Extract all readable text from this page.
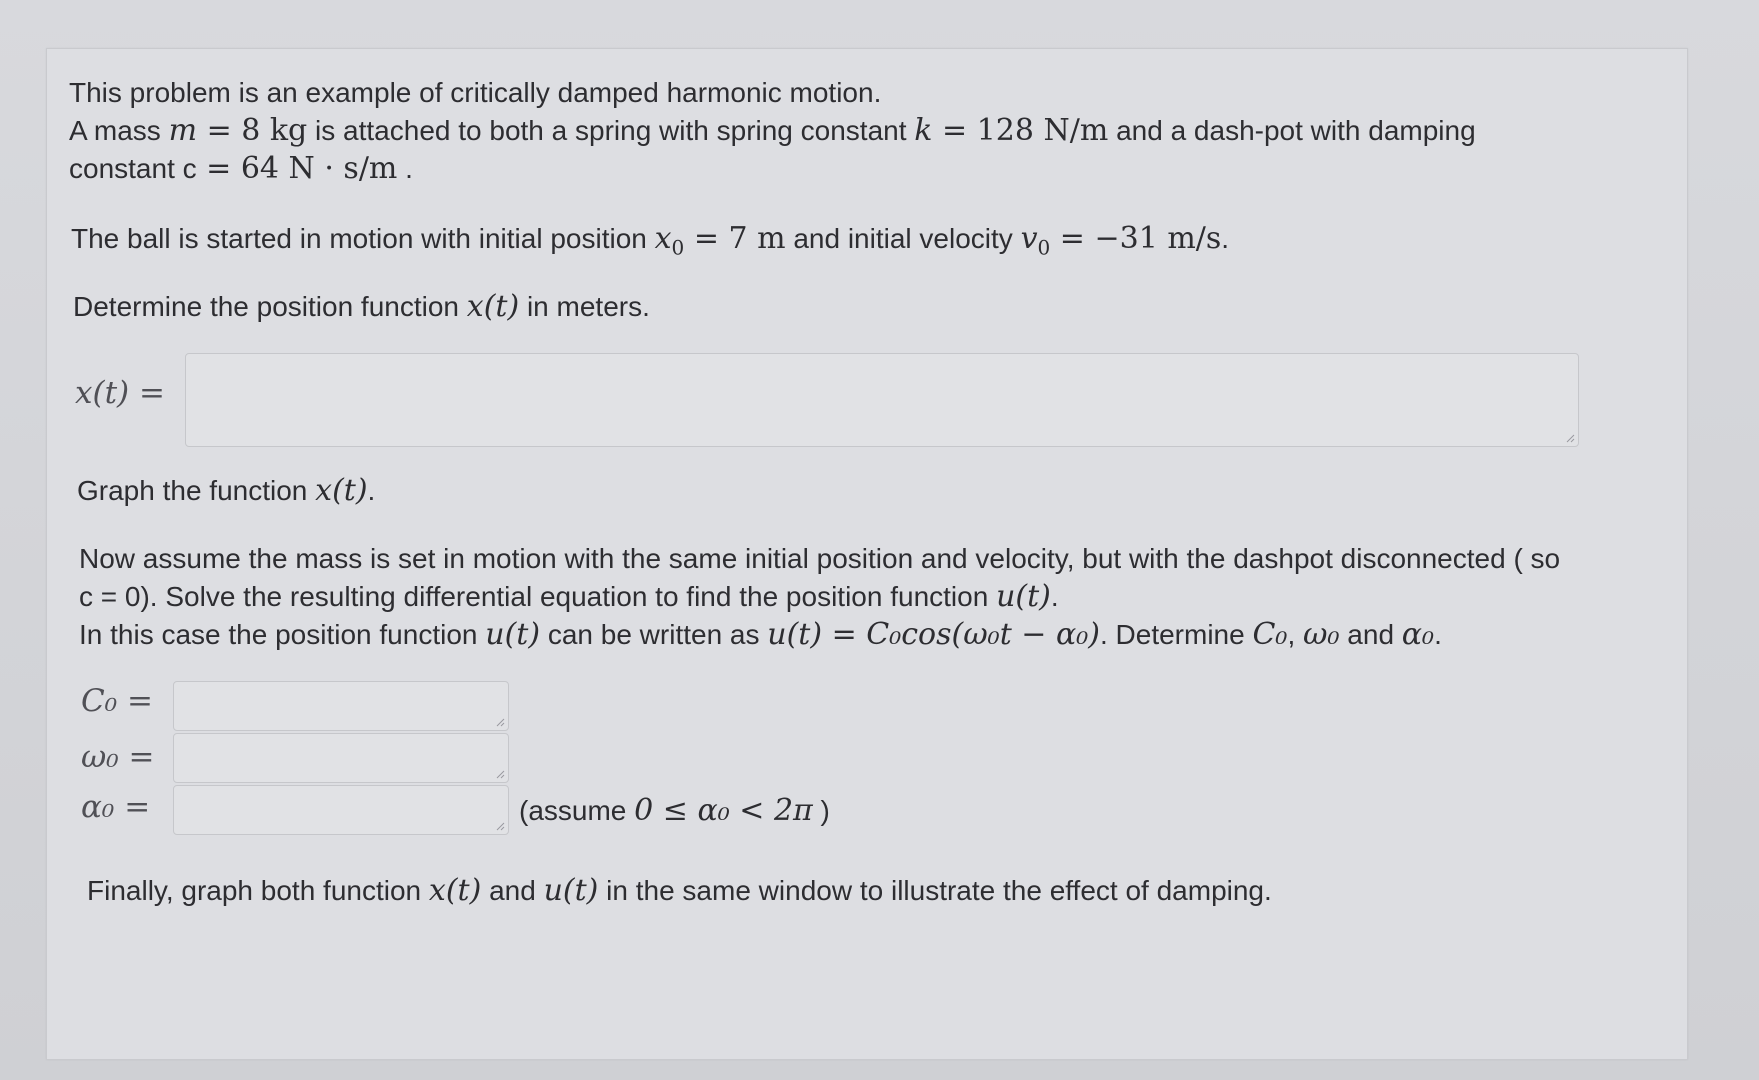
This problem is an example of critically damped harmonic motion.
A mass m = 8 kg is attached to both a spring with spring constant k = 128 N/m and a dash-pot with damping
constant c = 64 N · s/m .
The ball is started in motion with initial position $x_0 = 7$ m and initial velocity $v_0 = -31$ m/s.
Determine the position function x(t) in meters.
x(t) =
Graph the function x(t).
Now assume the mass is set in motion with the same initial position and velocity, but with the dashpot disconnected ( so
c = 0). Solve the resulting differential equation to find the position function u(t).
In this case the position function u(t) can be written as u(t) = C₀cos(ω₀t − α₀). Determine C₀, ω₀ and α₀.
C₀ =
ω₀ =
α₀ =	(assume 0 ≤ α₀ < 2π )
Finally, graph both function x(t) and u(t) in the same window to illustrate the effect of damping.
